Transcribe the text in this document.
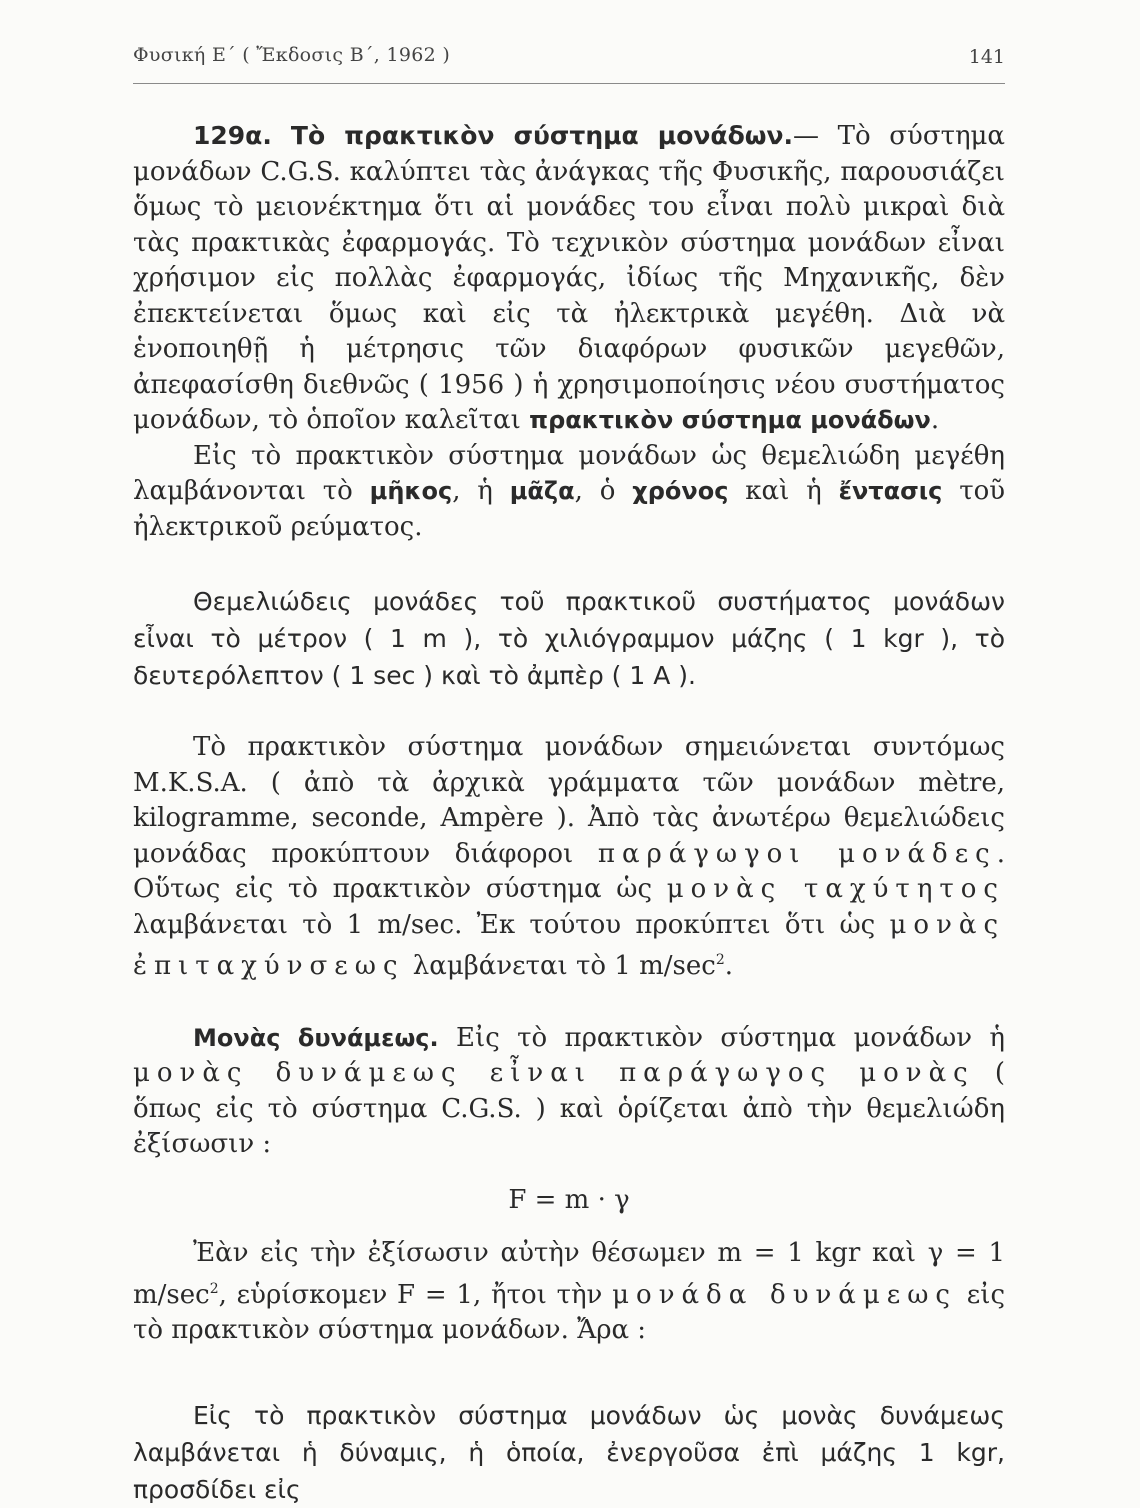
Φυσική Ε΄ ( Ἔκδοσις Β΄, 1962 )	141

129α. Τὸ πρακτικὸν σύστημα μονάδων.— Τὸ σύστημα μονάδων C.G.S. καλύπτει τὰς ἀνάγκας τῆς Φυσικῆς, παρουσιάζει ὅμως τὸ μειονέκτημα ὅτι αἱ μονάδες του εἶναι πολὺ μικραὶ διὰ τὰς πρακτικὰς ἐφαρμογάς. Τὸ τεχνικὸν σύστημα μονάδων εἶναι χρήσιμον εἰς πολλὰς ἐφαρμογάς, ἰδίως τῆς Μηχανικῆς, δὲν ἐπεκτείνεται ὅμως καὶ εἰς τὰ ἠλεκτρικὰ μεγέθη. Διὰ νὰ ἑνοποιηθῇ ἡ μέτρησις τῶν διαφόρων φυσικῶν μεγεθῶν, ἀπεφασίσθη διεθνῶς ( 1956 ) ἡ χρησιμοποίησις νέου συστήματος μονάδων, τὸ ὁποῖον καλεῖται πρακτικὸν σύστημα μονάδων.

Εἰς τὸ πρακτικὸν σύστημα μονάδων ὡς θεμελιώδη μεγέθη λαμβάνονται τὸ μῆκος, ἡ μᾶζα, ὁ χρόνος καὶ ἡ ἔντασις τοῦ ἠλεκτρικοῦ ρεύματος.

Θεμελιώδεις μονάδες τοῦ πρακτικοῦ συστήματος μονάδων εἶναι τὸ μέτρον ( 1 m ), τὸ χιλιόγραμμον μάζης ( 1 kgr ), τὸ δευτερόλεπτον ( 1 sec ) καὶ τὸ ἀμπὲρ ( 1 A ).

Τὸ πρακτικὸν σύστημα μονάδων σημειώνεται συντόμως M.K.S.A. ( ἀπὸ τὰ ἀρχικὰ γράμματα τῶν μονάδων mètre, kilogramme, seconde, Ampère ). Ἀπὸ τὰς ἀνωτέρω θεμελιώδεις μονάδας προκύπτουν διάφοροι παράγωγοι μονάδες. Οὕτως εἰς τὸ πρακτικὸν σύστημα ὡς μονὰς ταχύτητος λαμβάνεται τὸ 1 m/sec. Ἐκ τούτου προκύπτει ὅτι ὡς μονὰς ἐπιταχύνσεως λαμβάνεται τὸ 1 $m/\sec^2$.

Μονὰς δυνάμεως. Εἰς τὸ πρακτικὸν σύστημα μονάδων ἡ μονὰς δυνάμεως εἶναι παράγωγος μονὰς ( ὅπως εἰς τὸ σύστημα C.G.S. ) καὶ ὁρίζεται ἀπὸ τὴν θεμελιώδη ἐξίσωσιν :

F = m · γ

Ἐὰν εἰς τὴν ἐξίσωσιν αὐτὴν θέσωμεν m = 1 kgr καὶ γ = 1 $m/\sec^2$, εὑρίσκομεν F = 1, ἤτοι τὴν μονάδα δυνάμεως εἰς τὸ πρακτικὸν σύστημα μονάδων. Ἄρα :

Εἰς τὸ πρακτικὸν σύστημα μονάδων ὡς μονὰς δυνάμεως λαμβάνεται ἡ δύναμις, ἡ ὁποία, ἐνεργοῦσα ἐπὶ μάζης 1 kgr, προσδίδει εἰς
